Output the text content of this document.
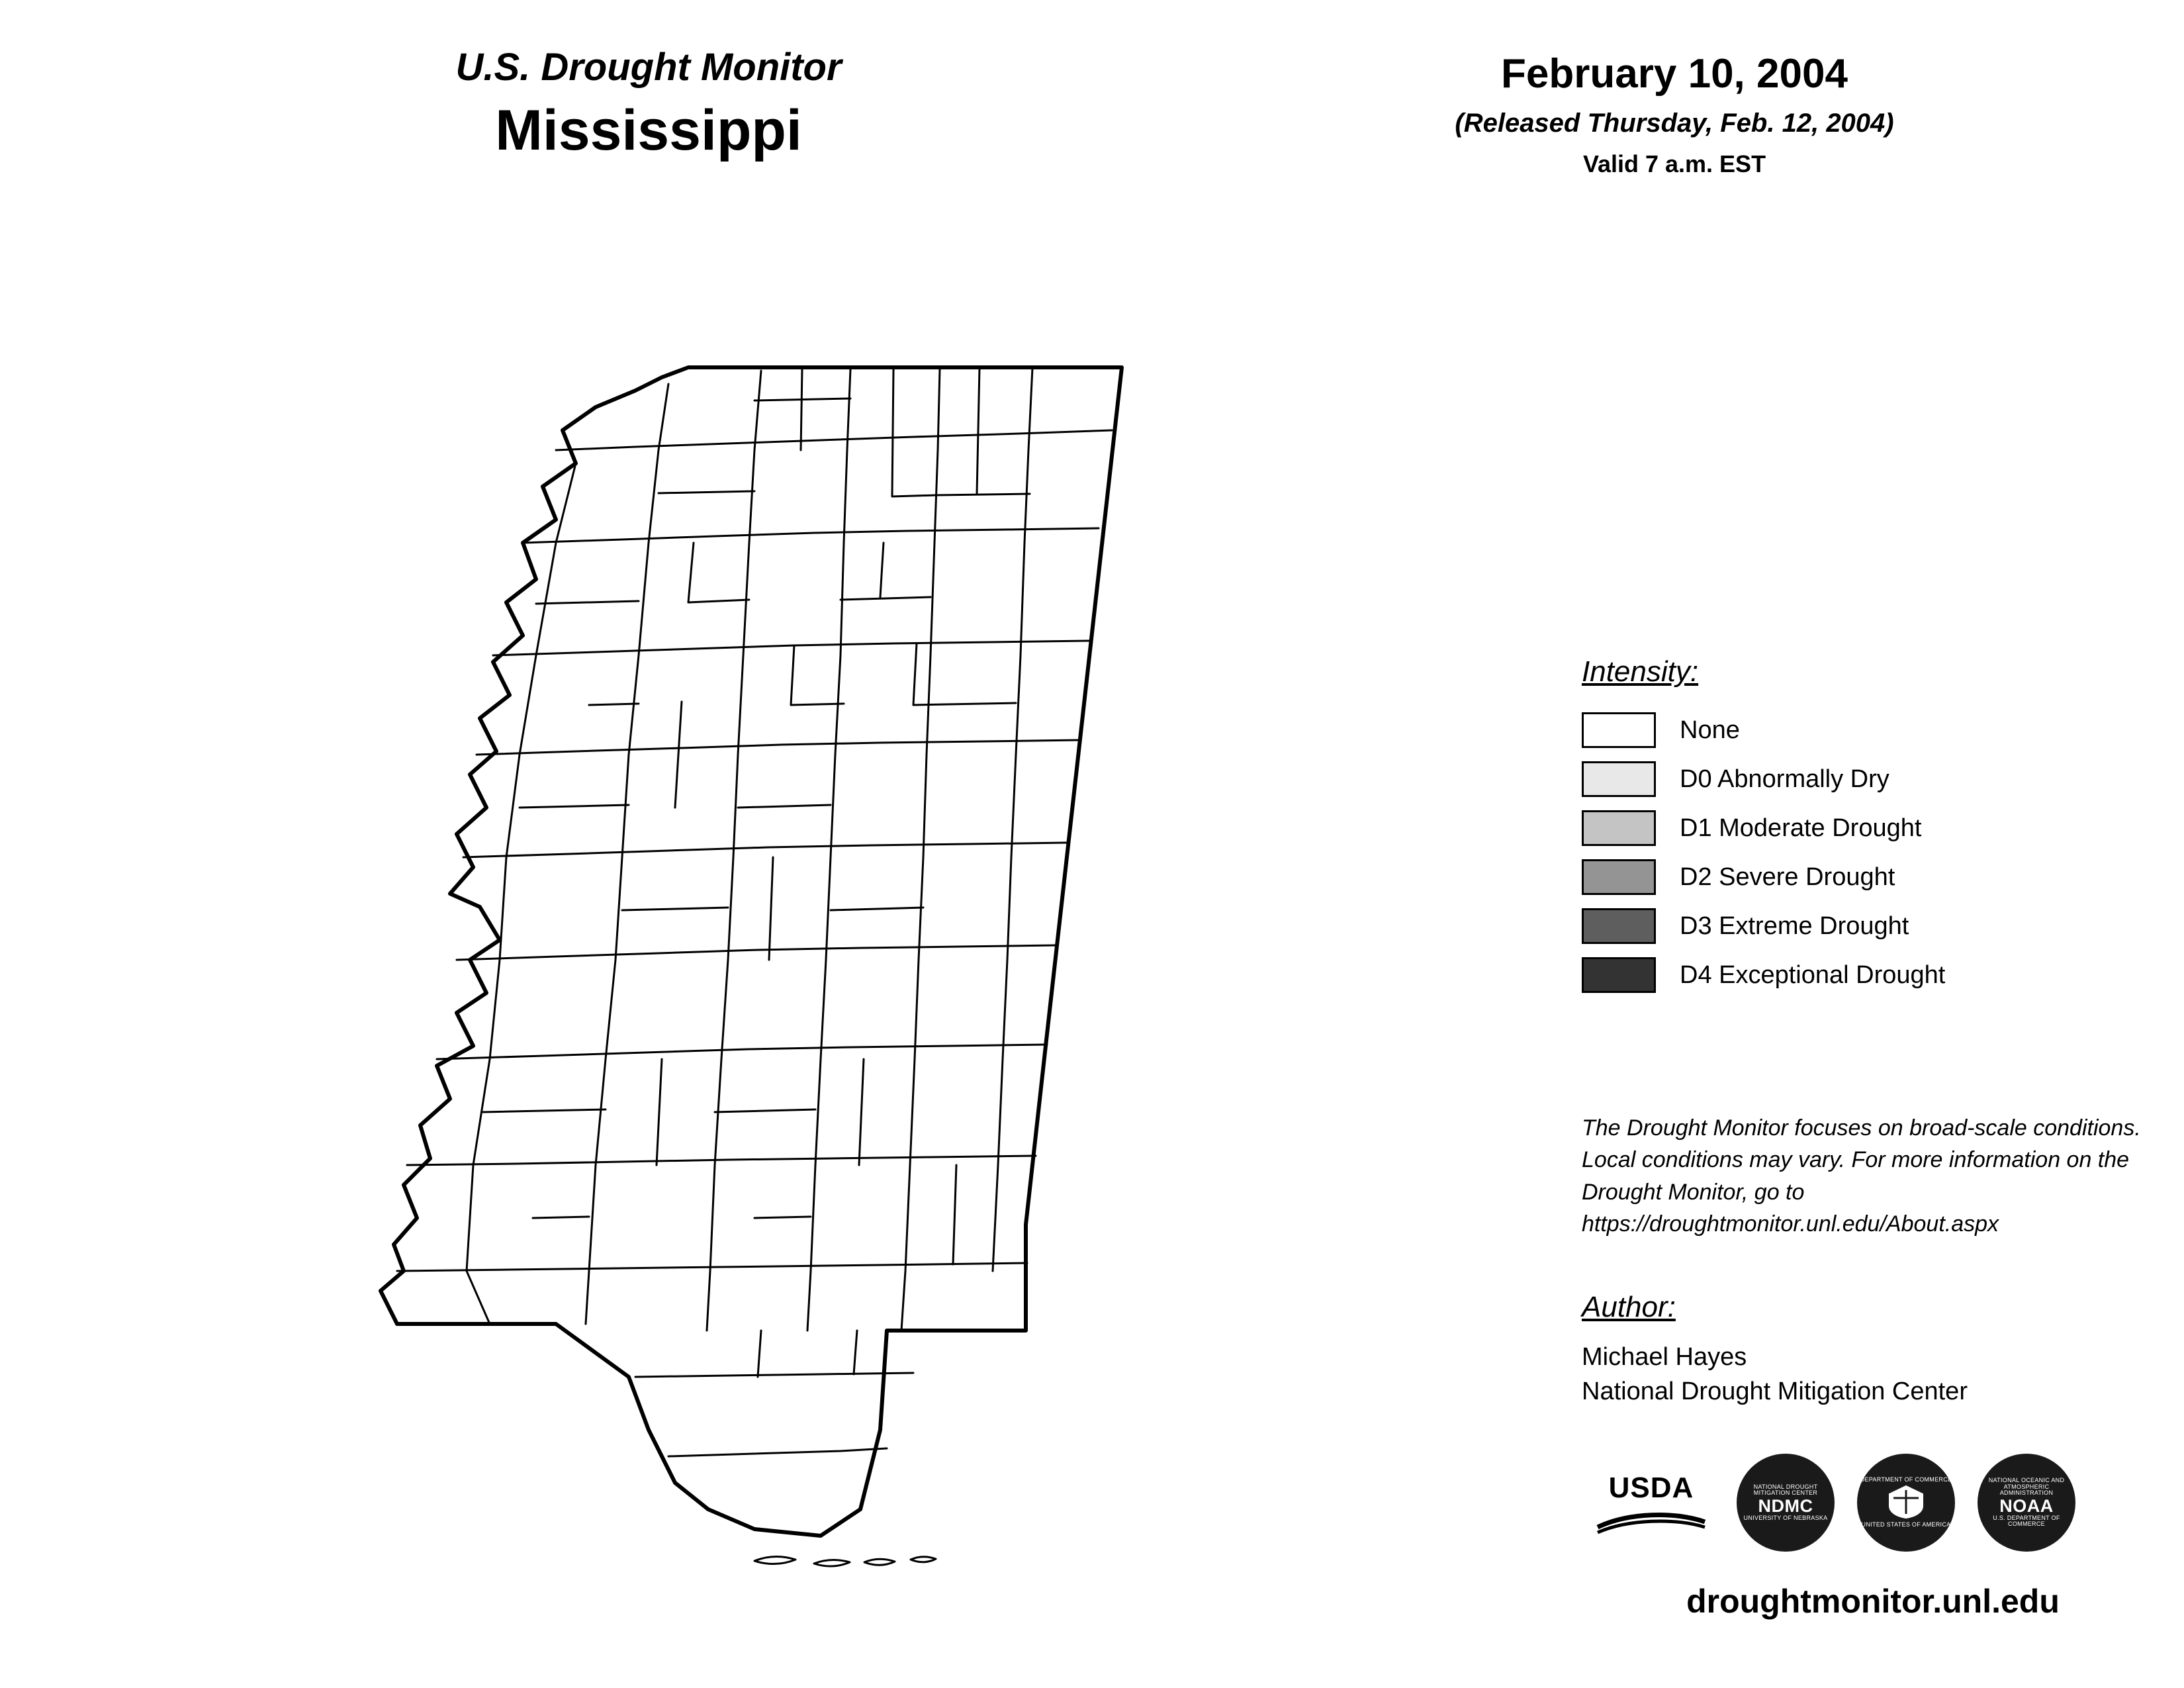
U.S. Drought Monitor
Mississippi
February 10, 2004
(Released Thursday, Feb. 12, 2004)
Valid 7 a.m. EST
Intensity:
None
D0 Abnormally Dry
D1 Moderate Drought
D2 Severe Drought
D3 Extreme Drought
D4 Exceptional Drought
The Drought Monitor focuses on broad-scale conditions. Local conditions may vary. For more information on the Drought Monitor, go to https://droughtmonitor.unl.edu/About.aspx
Author:
Michael Hayes
National Drought Mitigation Center
USDA	NATIONAL DROUGHT MITIGATION CENTER
NDMC
UNIVERSITY OF NEBRASKA
DEPARTMENT OF COMMERCE
UNITED STATES OF AMERICA
NATIONAL OCEANIC AND ATMOSPHERIC ADMINISTRATION
NOAA
U.S. DEPARTMENT OF COMMERCE
droughtmonitor.unl.edu
